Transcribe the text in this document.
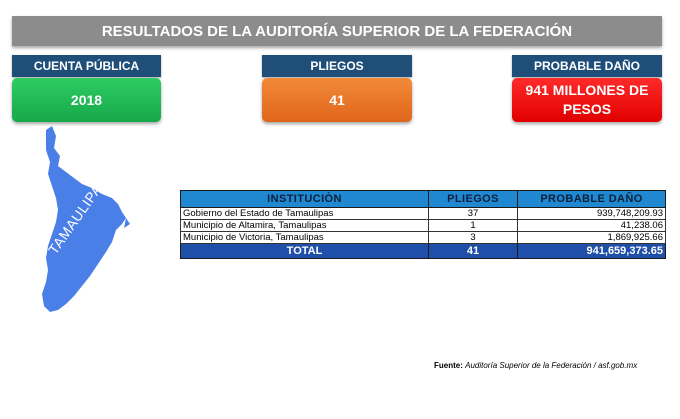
RESULTADOS DE LA AUDITORÍA SUPERIOR DE LA FEDERACIÓN
CUENTA PÚBLICA
2018
PLIEGOS
41
PROBABLE DAÑO
941 MILLONES DE PESOS
TAMAULIPAS	INSTITUCIÒN	PLIEGOS	PROBABLE DAÑO
Gobierno del Estado de Tamaulipas	37	939,748,209.93
Municipio de Altamira, Tamaulipas	1	41,238.06
Municipio de Victoria, Tamaulipas	3	1,869,925.66
TOTAL	41	941,659,373.65
Fuente: Auditoría Superior de la Federación / asf.gob.mx
